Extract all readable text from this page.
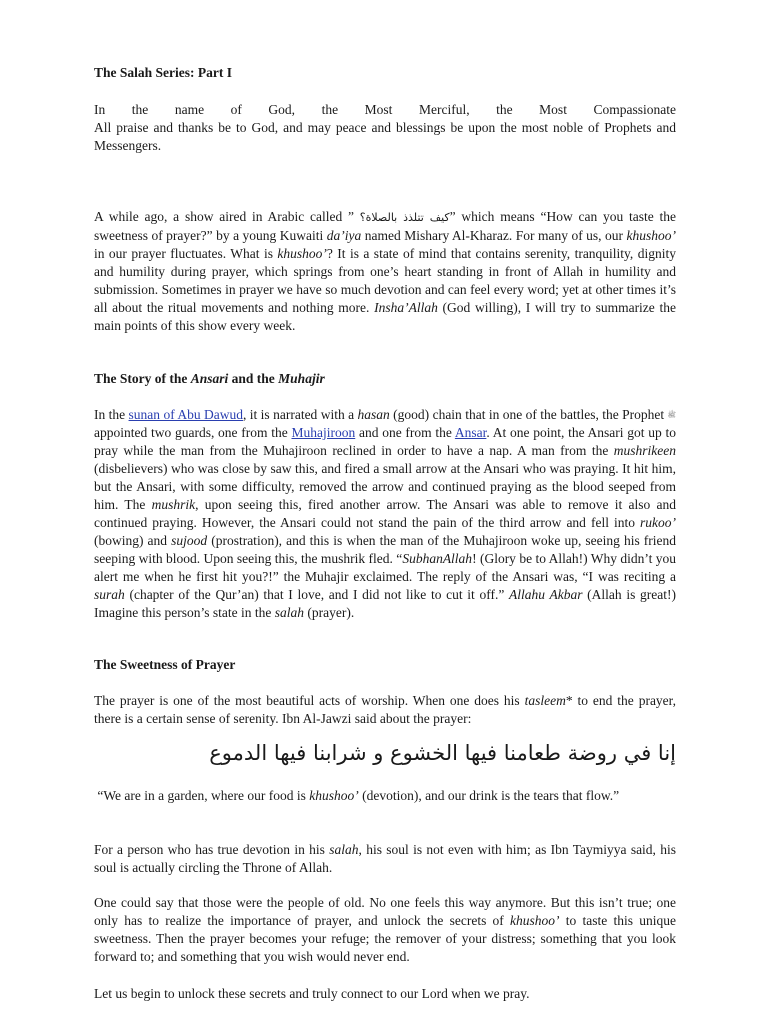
The Salah Series: Part I

In the name of God, the Most Merciful, the Most Compassionate

All praise and thanks be to God, and may peace and blessings be upon the most noble of Prophets and Messengers.

A while ago, a show aired in Arabic called ” كيف تتلذذ بالصلاة؟” which means “How can you taste the sweetness of prayer?” by a young Kuwaiti da’iya named Mishary Al-Kharaz. For many of us, our khushoo’ in our prayer fluctuates. What is khushoo’? It is a state of mind that contains serenity, tranquility, dignity and humility during prayer, which springs from one’s heart standing in front of Allah in humility and submission. Sometimes in prayer we have so much devotion and can feel every word; yet at other times it’s all about the ritual movements and nothing more. Insha’Allah (God willing), I will try to summarize the main points of this show every week.

The Story of the Ansari and the Muhajir

In the sunan of Abu Dawud, it is narrated with a hasan (good) chain that in one of the battles, the Prophet ﷺ appointed two guards, one from the Muhajiroon and one from the Ansar. At one point, the Ansari got up to pray while the man from the Muhajiroon reclined in order to have a nap. A man from the mushrikeen (disbelievers) who was close by saw this, and fired a small arrow at the Ansari who was praying. It hit him, but the Ansari, with some difficulty, removed the arrow and continued praying as the blood seeped from him. The mushrik, upon seeing this, fired another arrow. The Ansari was able to remove it also and continued praying. However, the Ansari could not stand the pain of the third arrow and fell into rukoo’ (bowing) and sujood (prostration), and this is when the man of the Muhajiroon woke up, seeing his friend seeping with blood. Upon seeing this, the mushrik fled. “SubhanAllah! (Glory be to Allah!) Why didn’t you alert me when he first hit you?!” the Muhajir exclaimed. The reply of the Ansari was, “I was reciting a surah (chapter of the Qur’an) that I love, and I did not like to cut it off.” Allahu Akbar (Allah is great!) Imagine this person’s state in the salah (prayer).

The Sweetness of Prayer

The prayer is one of the most beautiful acts of worship. When one does his tasleem* to end the prayer, there is a certain sense of serenity. Ibn Al-Jawzi said about the prayer:

إنا في روضة طعامنا فيها الخشوع و شرابنا فيها الدموع

“We are in a garden, where our food is khushoo’ (devotion), and our drink is the tears that flow.”

For a person who has true devotion in his salah, his soul is not even with him; as Ibn Taymiyya said, his soul is actually circling the Throne of Allah.

One could say that those were the people of old. No one feels this way anymore. But this isn’t true; one only has to realize the importance of prayer, and unlock the secrets of khushoo’ to taste this unique sweetness. Then the prayer becomes your refuge; the remover of your distress; something that you look forward to; and something that you wish would never end.

Let us begin to unlock these secrets and truly connect to our Lord when we pray.
